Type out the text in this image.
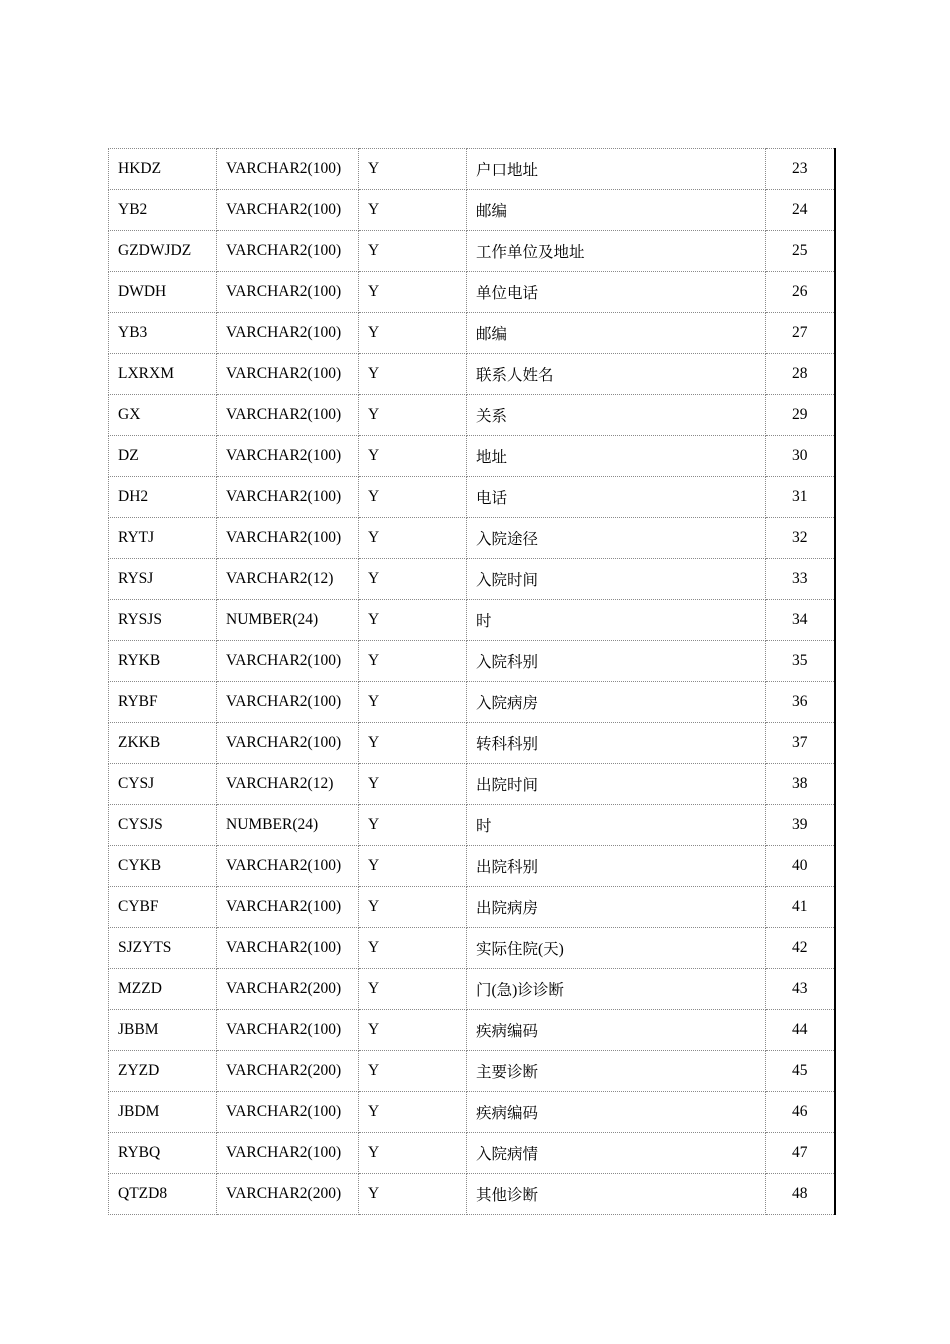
HKDZ	VARCHAR2(100)	Y	户口地址	23
YB2	VARCHAR2(100)	Y	邮编	24
GZDWJDZ	VARCHAR2(100)	Y	工作单位及地址	25
DWDH	VARCHAR2(100)	Y	单位电话	26
YB3	VARCHAR2(100)	Y	邮编	27
LXRXM	VARCHAR2(100)	Y	联系人姓名	28
GX	VARCHAR2(100)	Y	关系	29
DZ	VARCHAR2(100)	Y	地址	30
DH2	VARCHAR2(100)	Y	电话	31
RYTJ	VARCHAR2(100)	Y	入院途径	32
RYSJ	VARCHAR2(12)	Y	入院时间	33
RYSJS	NUMBER(24)	Y	时	34
RYKB	VARCHAR2(100)	Y	入院科别	35
RYBF	VARCHAR2(100)	Y	入院病房	36
ZKKB	VARCHAR2(100)	Y	转科科别	37
CYSJ	VARCHAR2(12)	Y	出院时间	38
CYSJS	NUMBER(24)	Y	时	39
CYKB	VARCHAR2(100)	Y	出院科别	40
CYBF	VARCHAR2(100)	Y	出院病房	41
SJZYTS	VARCHAR2(100)	Y	实际住院(天)	42
MZZD	VARCHAR2(200)	Y	门(急)诊诊断	43
JBBM	VARCHAR2(100)	Y	疾病编码	44
ZYZD	VARCHAR2(200)	Y	主要诊断	45
JBDM	VARCHAR2(100)	Y	疾病编码	46
RYBQ	VARCHAR2(100)	Y	入院病情	47
QTZD8	VARCHAR2(200)	Y	其他诊断	48
